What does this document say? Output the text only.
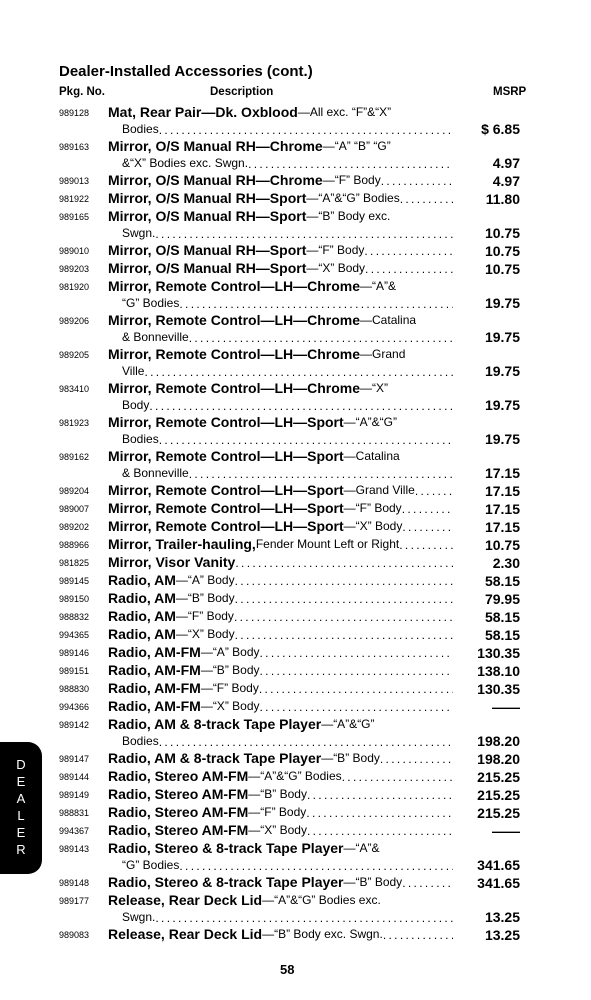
Dealer-Installed Accessories (cont.)
Pkg. No.	Description	MSRP
989128	Mat, Rear Pair—Dk. Oxblood —All exc. “F”&“X”
Bodies . . .	$ 6.85
989163	Mirror, O/S Manual RH—Chrome —“A” “B” “G”
&“X” Bodies exc. Swgn. . . .	4.97
989013	Mirror, O/S Manual RH—Chrome —“F” Body . . .	4.97
981922	Mirror, O/S Manual RH—Sport —“A”&“G” Bodies . . .	11.80
989165	Mirror, O/S Manual RH—Sport —“B” Body exc.
Swgn. . . .	10.75
989010	Mirror, O/S Manual RH—Sport —“F” Body . . .	10.75
989203	Mirror, O/S Manual RH—Sport —“X” Body . . .	10.75
981920	Mirror, Remote Control—LH—Chrome —“A”&
“G” Bodies . . .	19.75
989206	Mirror, Remote Control—LH—Chrome —Catalina
& Bonneville . . .	19.75
989205	Mirror, Remote Control—LH—Chrome —Grand
Ville . . .	19.75
983410	Mirror, Remote Control—LH—Chrome —“X”
Body . . .	19.75
981923	Mirror, Remote Control—LH—Sport —“A”&“G”
Bodies . . .	19.75
989162	Mirror, Remote Control—LH—Sport —Catalina
& Bonneville . . .	17.15
989204	Mirror, Remote Control—LH—Sport —Grand Ville . . .	17.15
989007	Mirror, Remote Control—LH—Sport —“F” Body . . .	17.15
989202	Mirror, Remote Control—LH—Sport —“X” Body . . .	17.15
988966	Mirror, Trailer-hauling, Fender Mount Left or Right . . .	10.75
981825	Mirror, Visor Vanity . . .	2.30
989145	Radio, AM —“A” Body . . .	58.15
989150	Radio, AM —“B” Body . . .	79.95
988832	Radio, AM —“F” Body . . .	58.15
994365	Radio, AM —“X” Body . . .	58.15
989146	Radio, AM-FM —“A” Body . . .	130.35
989151	Radio, AM-FM —“B” Body . . .	138.10
988830	Radio, AM-FM —“F” Body . . .	130.35
994366	Radio, AM-FM —“X” Body . . .	——
989142	Radio, AM & 8-track Tape Player —“A”&“G”
Bodies . . .	198.20
989147	Radio, AM & 8-track Tape Player —“B” Body . . .	198.20
989144	Radio, Stereo AM-FM —“A”&“G” Bodies . . .	215.25
989149	Radio, Stereo AM-FM —“B” Body . . .	215.25
988831	Radio, Stereo AM-FM —“F” Body . . .	215.25
994367	Radio, Stereo AM-FM —“X” Body . . .	——
989143	Radio, Stereo & 8-track Tape Player —“A”&
“G” Bodies . . .	341.65
989148	Radio, Stereo & 8-track Tape Player —“B” Body . . .	341.65
989177	Release, Rear Deck Lid —“A”&“G” Bodies exc.
Swgn. . . .	13.25
989083	Release, Rear Deck Lid —“B” Body exc. Swgn. . . .	13.25
DEALER
58
